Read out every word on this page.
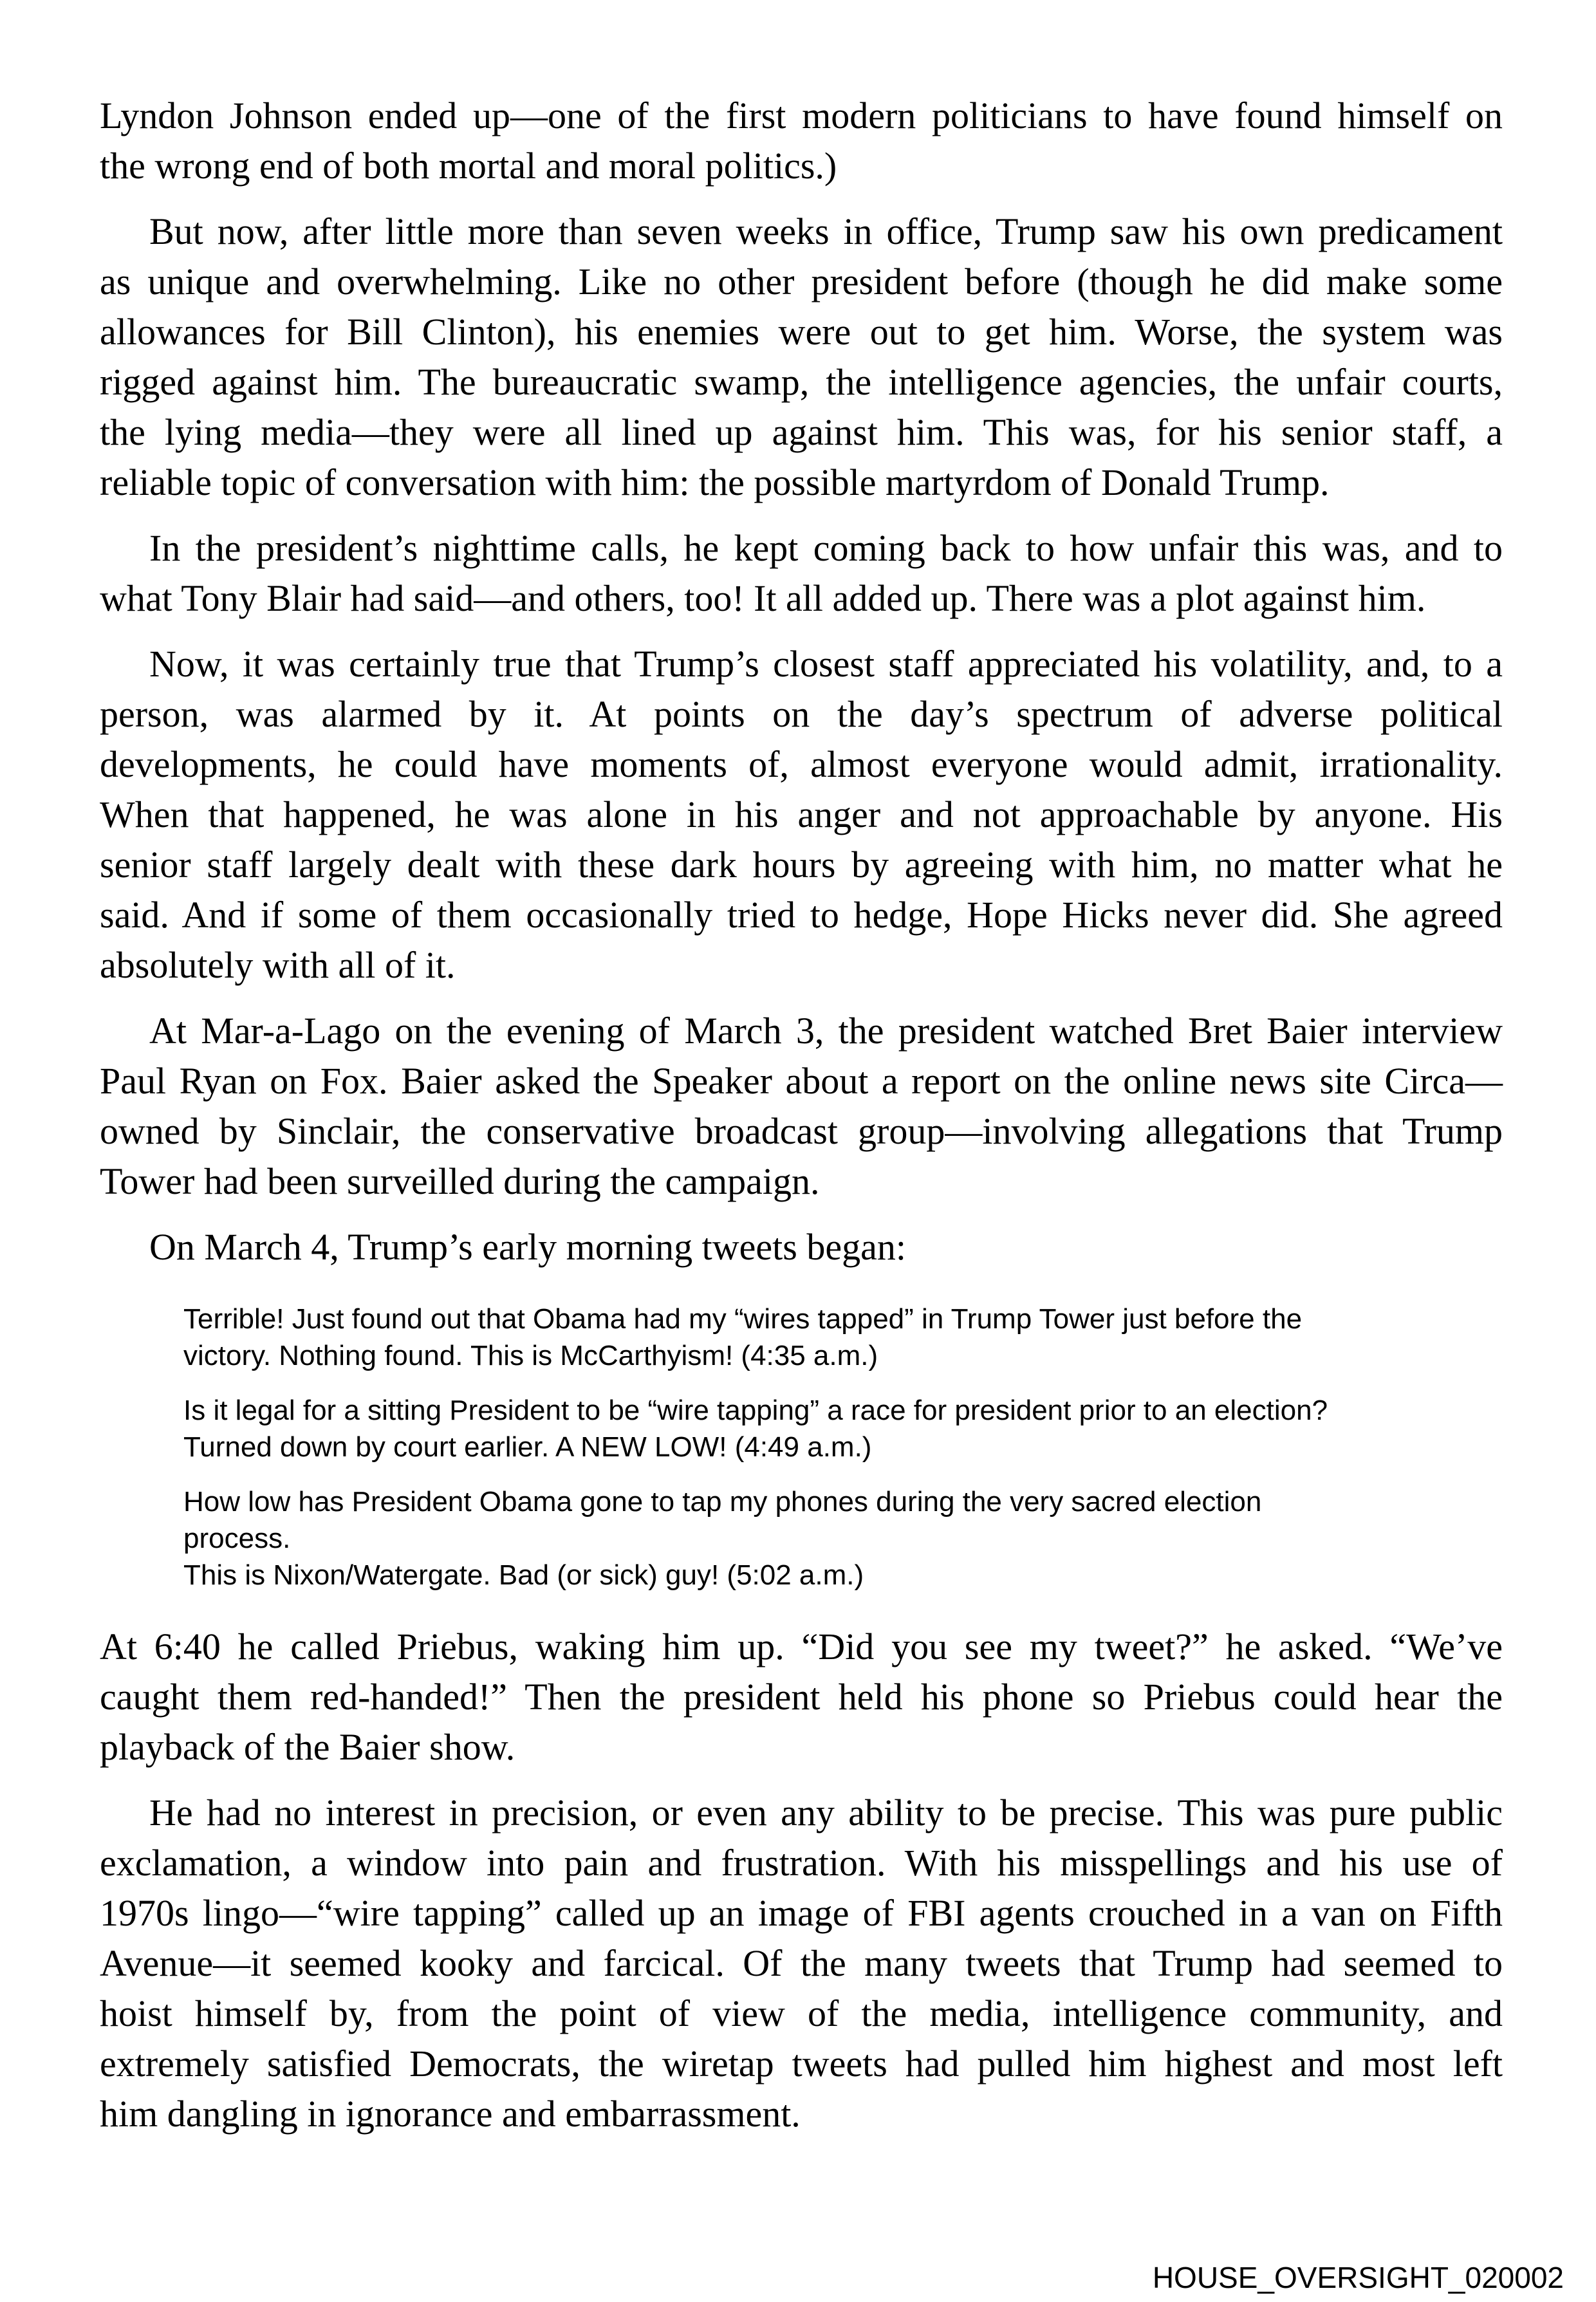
Lyndon Johnson ended up—one of the first modern politicians to have found himself on
the wrong end of both mortal and moral politics.)
But now, after little more than seven weeks in office, Trump saw his own predicament
as unique and overwhelming. Like no other president before (though he did make some
allowances for Bill Clinton), his enemies were out to get him. Worse, the system was
rigged against him. The bureaucratic swamp, the intelligence agencies, the unfair courts,
the lying media—they were all lined up against him. This was, for his senior staff, a
reliable topic of conversation with him: the possible martyrdom of Donald Trump.
In the president’s nighttime calls, he kept coming back to how unfair this was, and to
what Tony Blair had said—and others, too! It all added up. There was a plot against him.
Now, it was certainly true that Trump’s closest staff appreciated his volatility, and, to a
person, was alarmed by it. At points on the day’s spectrum of adverse political
developments, he could have moments of, almost everyone would admit, irrationality.
When that happened, he was alone in his anger and not approachable by anyone. His
senior staff largely dealt with these dark hours by agreeing with him, no matter what he
said. And if some of them occasionally tried to hedge, Hope Hicks never did. She agreed
absolutely with all of it.
At Mar-a-Lago on the evening of March 3, the president watched Bret Baier interview
Paul Ryan on Fox. Baier asked the Speaker about a report on the online news site Circa—
owned by Sinclair, the conservative broadcast group—involving allegations that Trump
Tower had been surveilled during the campaign.
On March 4, Trump’s early morning tweets began:
Terrible! Just found out that Obama had my “wires tapped” in Trump Tower just before the
victory. Nothing found. This is McCarthyism! (4:35 a.m.)
Is it legal for a sitting President to be “wire tapping” a race for president prior to an election?
Turned down by court earlier. A NEW LOW! (4:49 a.m.)
How low has President Obama gone to tap my phones during the very sacred election process.
This is Nixon/Watergate. Bad (or sick) guy! (5:02 a.m.)
At 6:40 he called Priebus, waking him up. “Did you see my tweet?” he asked. “We’ve
caught them red-handed!” Then the president held his phone so Priebus could hear the
playback of the Baier show.
He had no interest in precision, or even any ability to be precise. This was pure public
exclamation, a window into pain and frustration. With his misspellings and his use of
1970s lingo—“wire tapping” called up an image of FBI agents crouched in a van on Fifth
Avenue—it seemed kooky and farcical. Of the many tweets that Trump had seemed to
hoist himself by, from the point of view of the media, intelligence community, and
extremely satisfied Democrats, the wiretap tweets had pulled him highest and most left
him dangling in ignorance and embarrassment.
HOUSE_OVERSIGHT_020002
